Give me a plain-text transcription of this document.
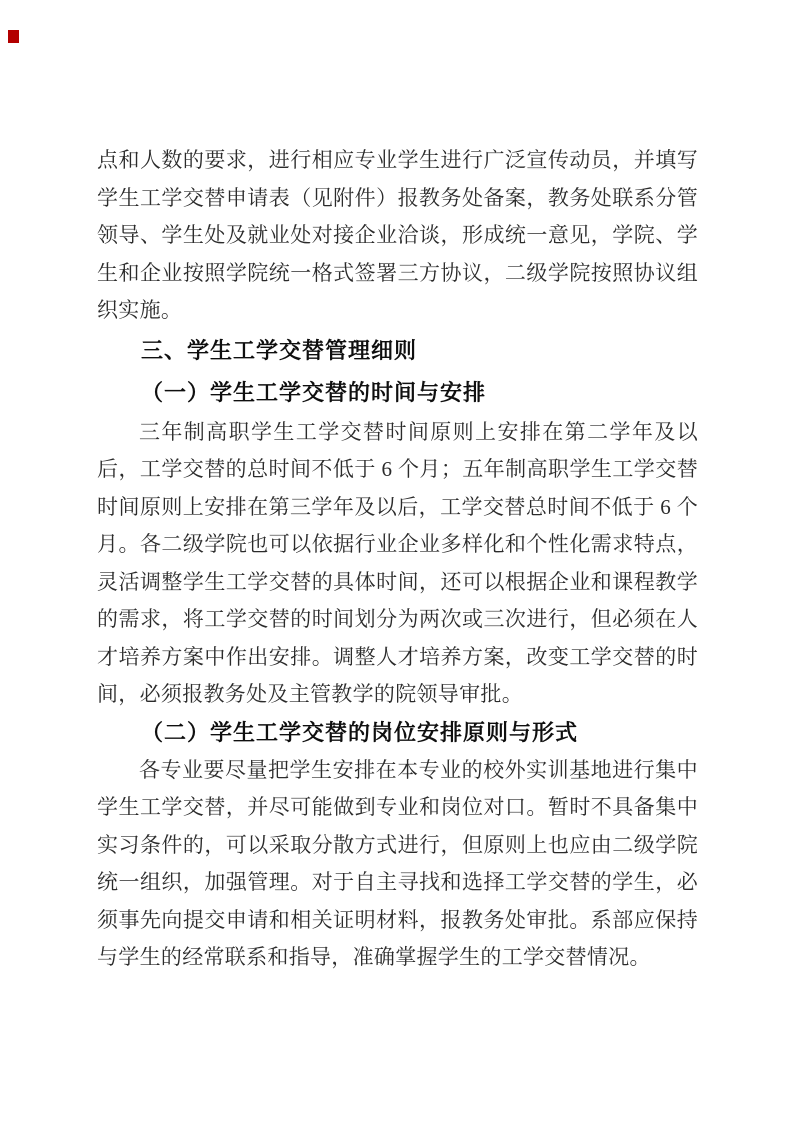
点和人数的要求，进行相应专业学生进行广泛宣传动员，并填写学生工学交替申请表（见附件）报教务处备案，教务处联系分管领导、学生处及就业处对接企业洽谈，形成统一意见，学院、学生和企业按照学院统一格式签署三方协议，二级学院按照协议组织实施。

三、学生工学交替管理细则
（一）学生工学交替的时间与安排

三年制高职学生工学交替时间原则上安排在第二学年及以后，工学交替的总时间不低于 6 个月；五年制高职学生工学交替时间原则上安排在第三学年及以后，工学交替总时间不低于 6 个月。各二级学院也可以依据行业企业多样化和个性化需求特点，灵活调整学生工学交替的具体时间，还可以根据企业和课程教学的需求，将工学交替的时间划分为两次或三次进行，但必须在人才培养方案中作出安排。调整人才培养方案，改变工学交替的时间，必须报教务处及主管教学的院领导审批。

（二）学生工学交替的岗位安排原则与形式

各专业要尽量把学生安排在本专业的校外实训基地进行集中学生工学交替，并尽可能做到专业和岗位对口。暂时不具备集中实习条件的，可以采取分散方式进行，但原则上也应由二级学院统一组织，加强管理。对于自主寻找和选择工学交替的学生，必须事先向提交申请和相关证明材料，报教务处审批。系部应保持与学生的经常联系和指导，准确掌握学生的工学交替情况。
